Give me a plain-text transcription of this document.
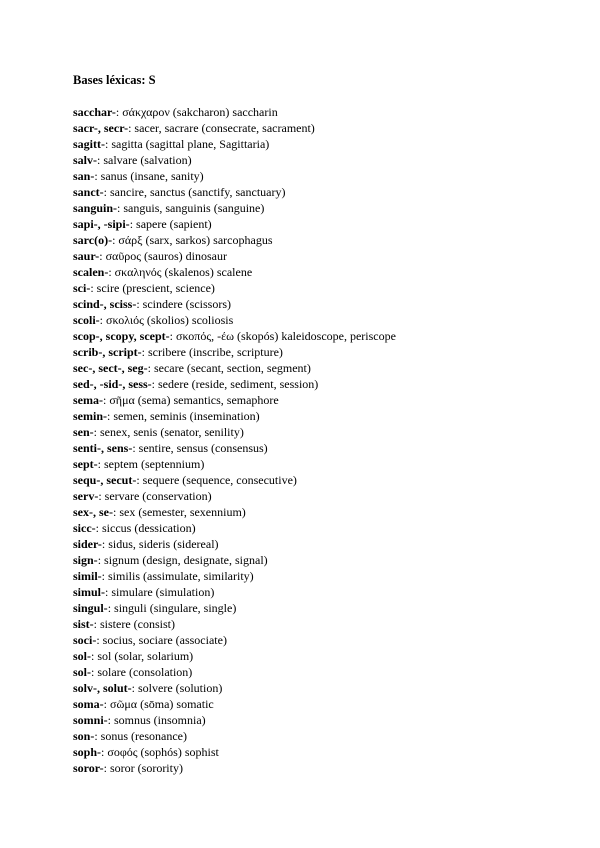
Bases léxicas: S
sacchar-: σάκχαρον (sakcharon) saccharin
sacr-, secr-: sacer, sacrare (consecrate, sacrament)
sagitt-: sagitta (sagittal plane, Sagittaria)
salv-: salvare (salvation)
san-: sanus (insane, sanity)
sanct-: sancire, sanctus (sanctify, sanctuary)
sanguin-: sanguis, sanguinis (sanguine)
sapi-, -sipi-: sapere (sapient)
sarc(o)-: σάρξ (sarx, sarkos) sarcophagus
saur-: σαῦρος (sauros) dinosaur
scalen-: σκαληνός (skalenos) scalene
sci-: scire (prescient, science)
scind-, sciss-: scindere (scissors)
scoli-: σκολιός (skolios) scoliosis
scop-, scopy, scept-: σκοπός, -έω (skopós) kaleidoscope, periscope
scrib-, script-: scribere (inscribe, scripture)
sec-, sect-, seg-: secare (secant, section, segment)
sed-, -sid-, sess-: sedere (reside, sediment, session)
sema-: σῆμα (sema) semantics, semaphore
semin-: semen, seminis (insemination)
sen-: senex, senis (senator, senility)
senti-, sens-: sentire, sensus (consensus)
sept-: septem (septennium)
sequ-, secut-: sequere (sequence, consecutive)
serv-: servare (conservation)
sex-, se-: sex (semester, sexennium)
sicc-: siccus (dessication)
sider-: sidus, sideris (sidereal)
sign-: signum (design, designate, signal)
simil-: similis (assimulate, similarity)
simul-: simulare (simulation)
singul-: singuli (singulare, single)
sist-: sistere (consist)
soci-: socius, sociare (associate)
sol-: sol (solar, solarium)
sol-: solare (consolation)
solv-, solut-: solvere (solution)
soma-: σῶμα (sōma) somatic
somni-: somnus (insomnia)
son-: sonus (resonance)
soph-: σοφός (sophós) sophist
soror-: soror (sorority)
